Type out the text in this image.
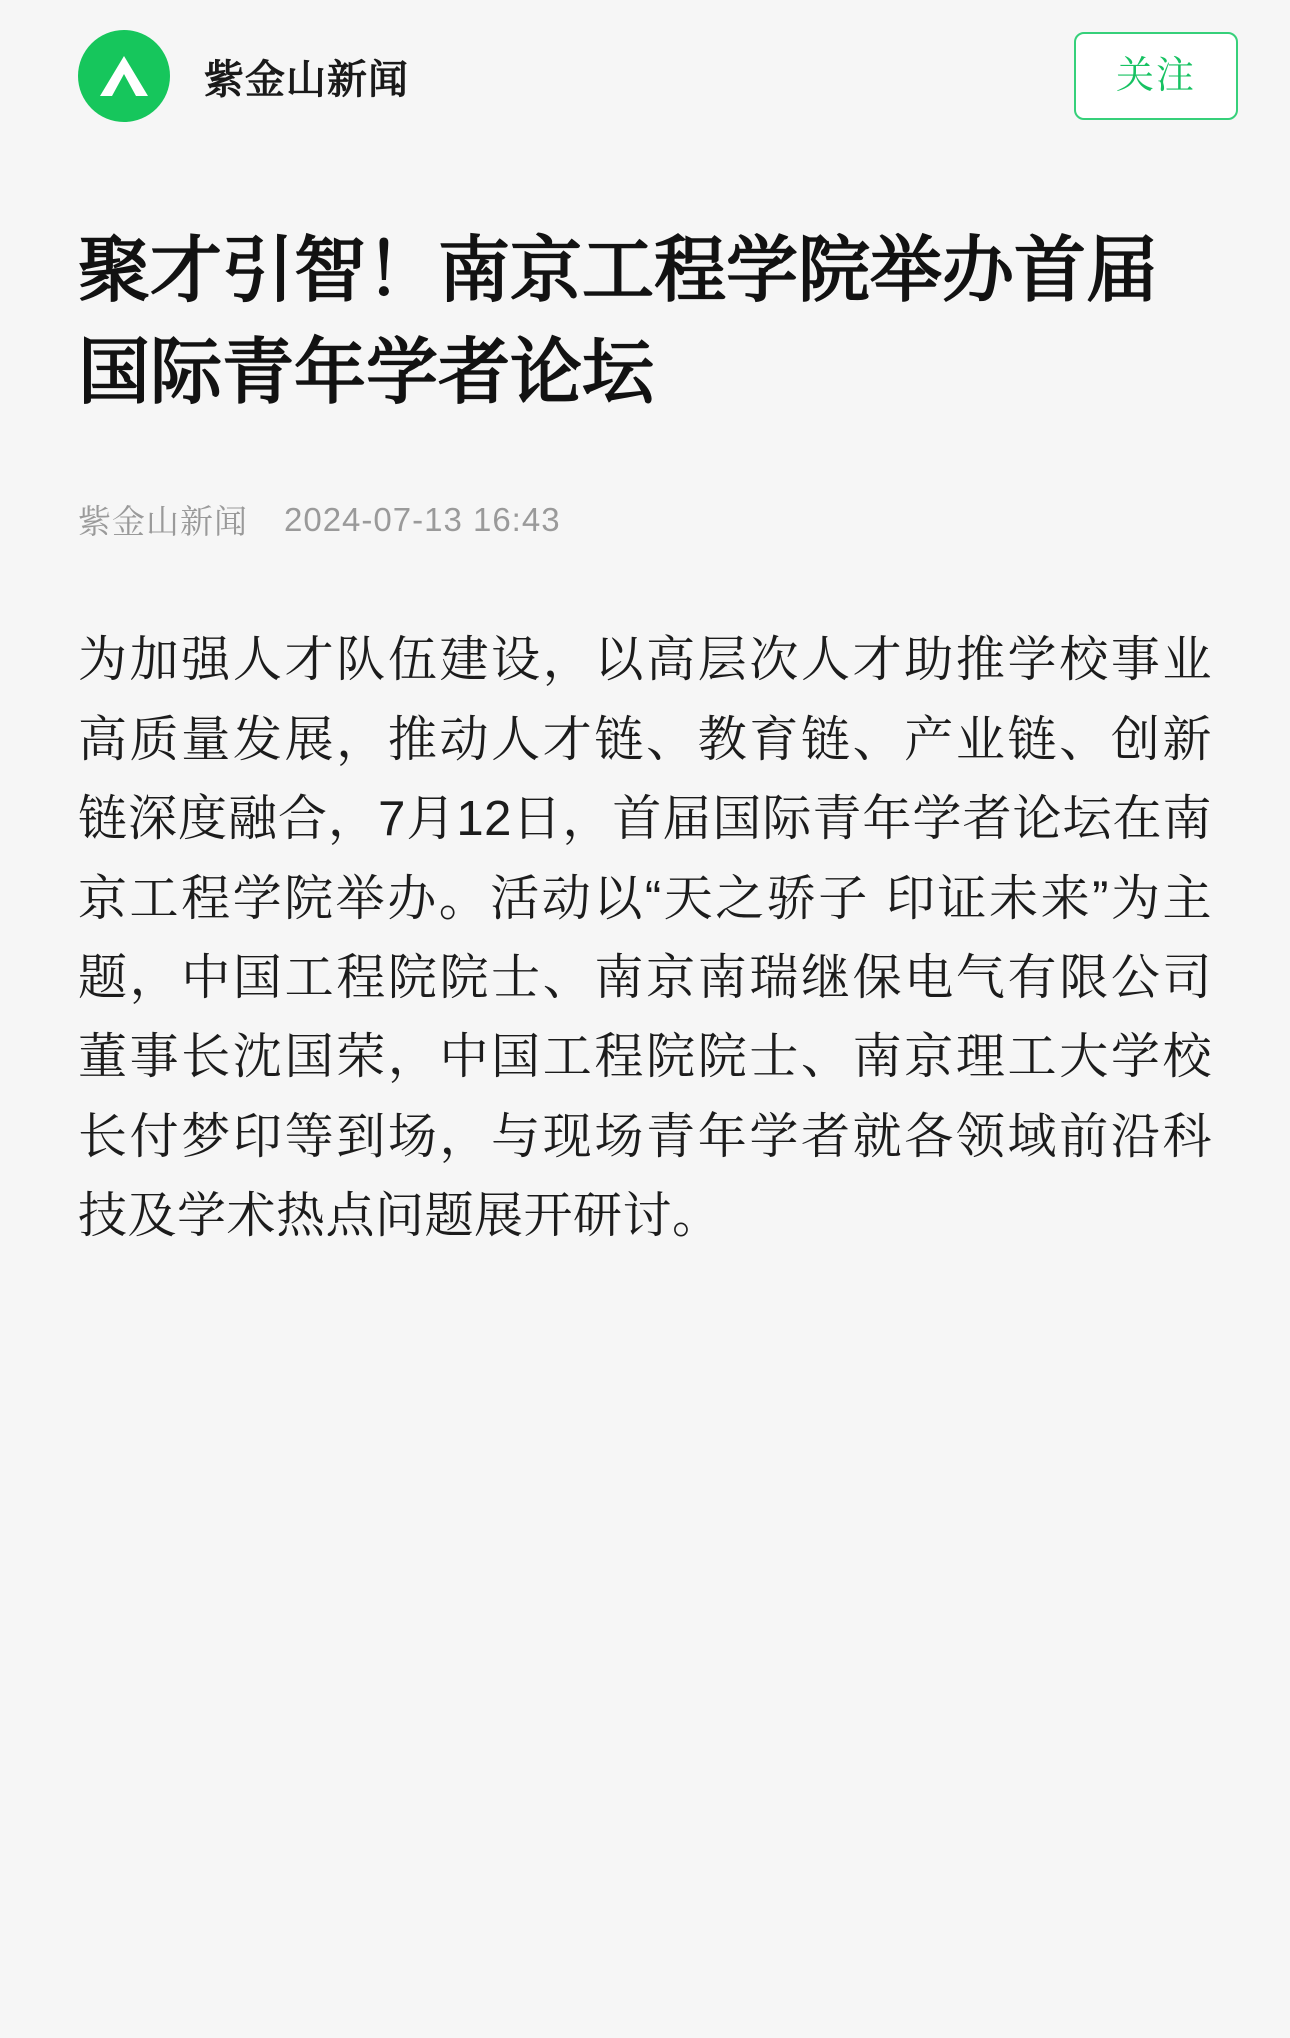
紫金山新闻	关注
聚才引智！南京工程学院举办首届国际青年学者论坛
紫金山新闻 2024-07-13 16:43

为加强人才队伍建设，以高层次人才助推学校事业高质量发展，推动人才链、教育链、产业链、创新链深度融合，7月12日，首届国际青年学者论坛在南京工程学院举办。活动以“天之骄子 印证未来”为主题，中国工程院院士、南京南瑞继保电气有限公司董事长沈国荣，中国工程院院士、南京理工大学校长付梦印等到场，与现场青年学者就各领域前沿科技及学术热点问题展开研讨。
